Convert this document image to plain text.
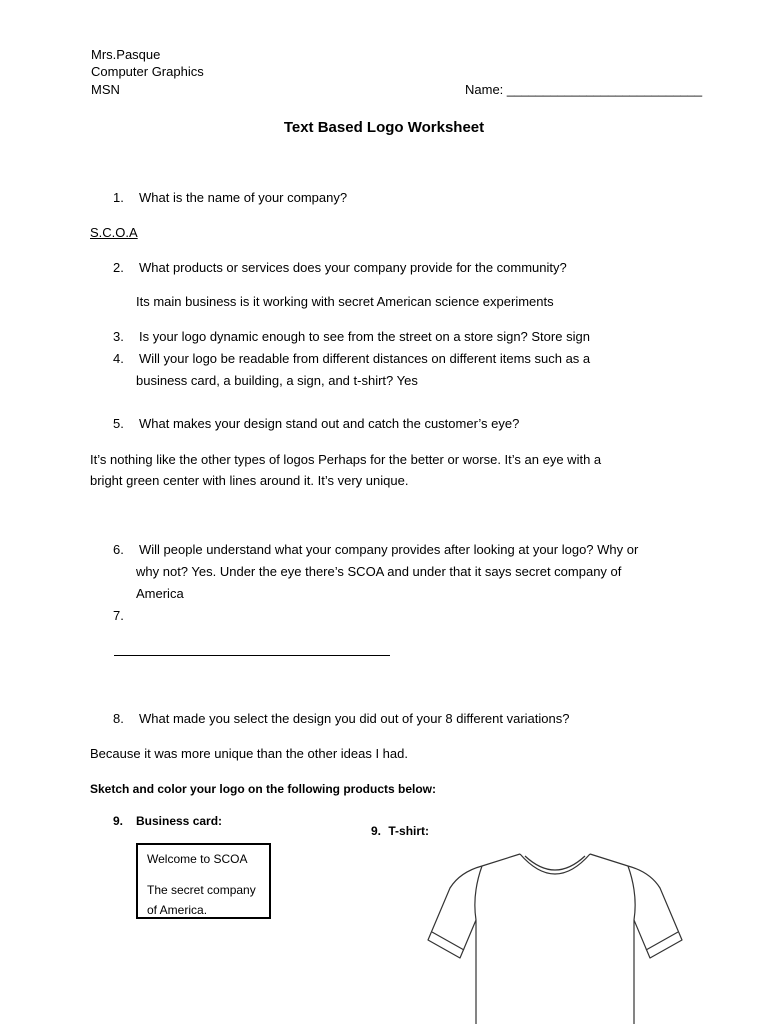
Mrs.Pasque
Computer Graphics
MSN	Name: ___________________________
Text Based Logo Worksheet
1.	What is the name of your company?
S.C.O.A
2.	What products or services does your company provide for the community?
Its main business is it working with secret American science experiments
3.	Is your logo dynamic enough to see from the street on a store sign? Store sign
4.	Will your logo be readable from different distances on different items such as a
business card, a building, a sign, and t-shirt? Yes
5.	What makes your design stand out and catch the customer’s eye?
It’s nothing like the other types of logos Perhaps for the better or worse. It’s an eye with a
bright green center with lines around it. It’s very unique.
6.	Will people understand what your company provides after looking at your logo? Why or
why not? Yes. Under the eye there’s SCOA and under that it says secret company of
America
7.
8.	What made you select the design you did out of your 8 different variations?
Because it was more unique than the other ideas I had.
Sketch and color your logo on the following products below:
9.	Business card:
9. T-shirt:
Welcome to SCOA
The secret company
of America.
